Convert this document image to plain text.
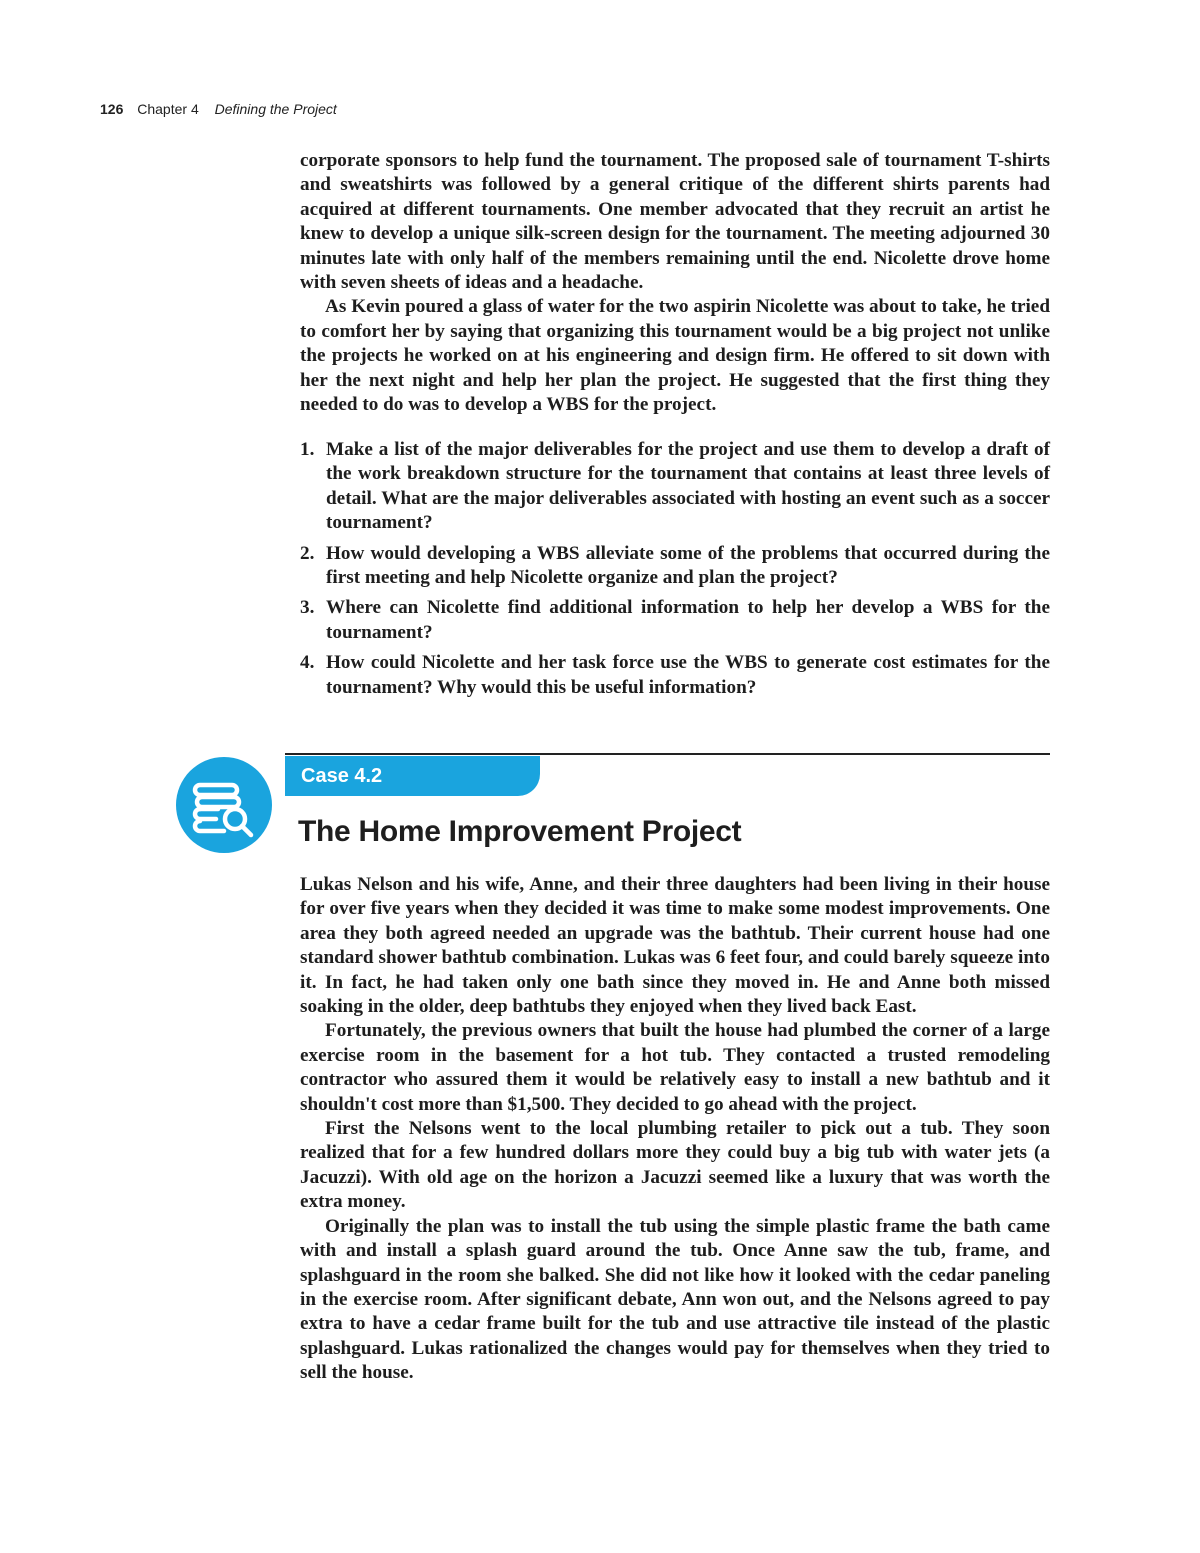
126 Chapter 4 Defining the Project

corporate sponsors to help fund the tournament. The proposed sale of tournament T-shirts and sweatshirts was followed by a general critique of the different shirts parents had acquired at different tournaments. One member advocated that they recruit an artist he knew to develop a unique silk-screen design for the tournament. The meeting adjourned 30 minutes late with only half of the members remaining until the end. Nicolette drove home with seven sheets of ideas and a headache.

As Kevin poured a glass of water for the two aspirin Nicolette was about to take, he tried to comfort her by saying that organizing this tournament would be a big project not unlike the projects he worked on at his engineering and design firm. He offered to sit down with her the next night and help her plan the project. He suggested that the first thing they needed to do was to develop a WBS for the project.

1. Make a list of the major deliverables for the project and use them to develop a draft of the work breakdown structure for the tournament that contains at least three levels of detail. What are the major deliverables associated with hosting an event such as a soccer tournament?
2. How would developing a WBS alleviate some of the problems that occurred during the first meeting and help Nicolette organize and plan the project?
3. Where can Nicolette find additional information to help her develop a WBS for the tournament?
4. How could Nicolette and her task force use the WBS to generate cost estimates for the tournament? Why would this be useful information?
Case 4.2
The Home Improvement Project

Lukas Nelson and his wife, Anne, and their three daughters had been living in their house for over five years when they decided it was time to make some modest improvements. One area they both agreed needed an upgrade was the bathtub. Their current house had one standard shower bathtub combination. Lukas was 6 feet four, and could barely squeeze into it. In fact, he had taken only one bath since they moved in. He and Anne both missed soaking in the older, deep bathtubs they enjoyed when they lived back East.

Fortunately, the previous owners that built the house had plumbed the corner of a large exercise room in the basement for a hot tub. They contacted a trusted remodeling contractor who assured them it would be relatively easy to install a new bathtub and it shouldn't cost more than $1,500. They decided to go ahead with the project.

First the Nelsons went to the local plumbing retailer to pick out a tub. They soon realized that for a few hundred dollars more they could buy a big tub with water jets (a Jacuzzi). With old age on the horizon a Jacuzzi seemed like a luxury that was worth the extra money.

Originally the plan was to install the tub using the simple plastic frame the bath came with and install a splash guard around the tub. Once Anne saw the tub, frame, and splashguard in the room she balked. She did not like how it looked with the cedar paneling in the exercise room. After significant debate, Ann won out, and the Nelsons agreed to pay extra to have a cedar frame built for the tub and use attractive tile instead of the plastic splashguard. Lukas rationalized the changes would pay for themselves when they tried to sell the house.
